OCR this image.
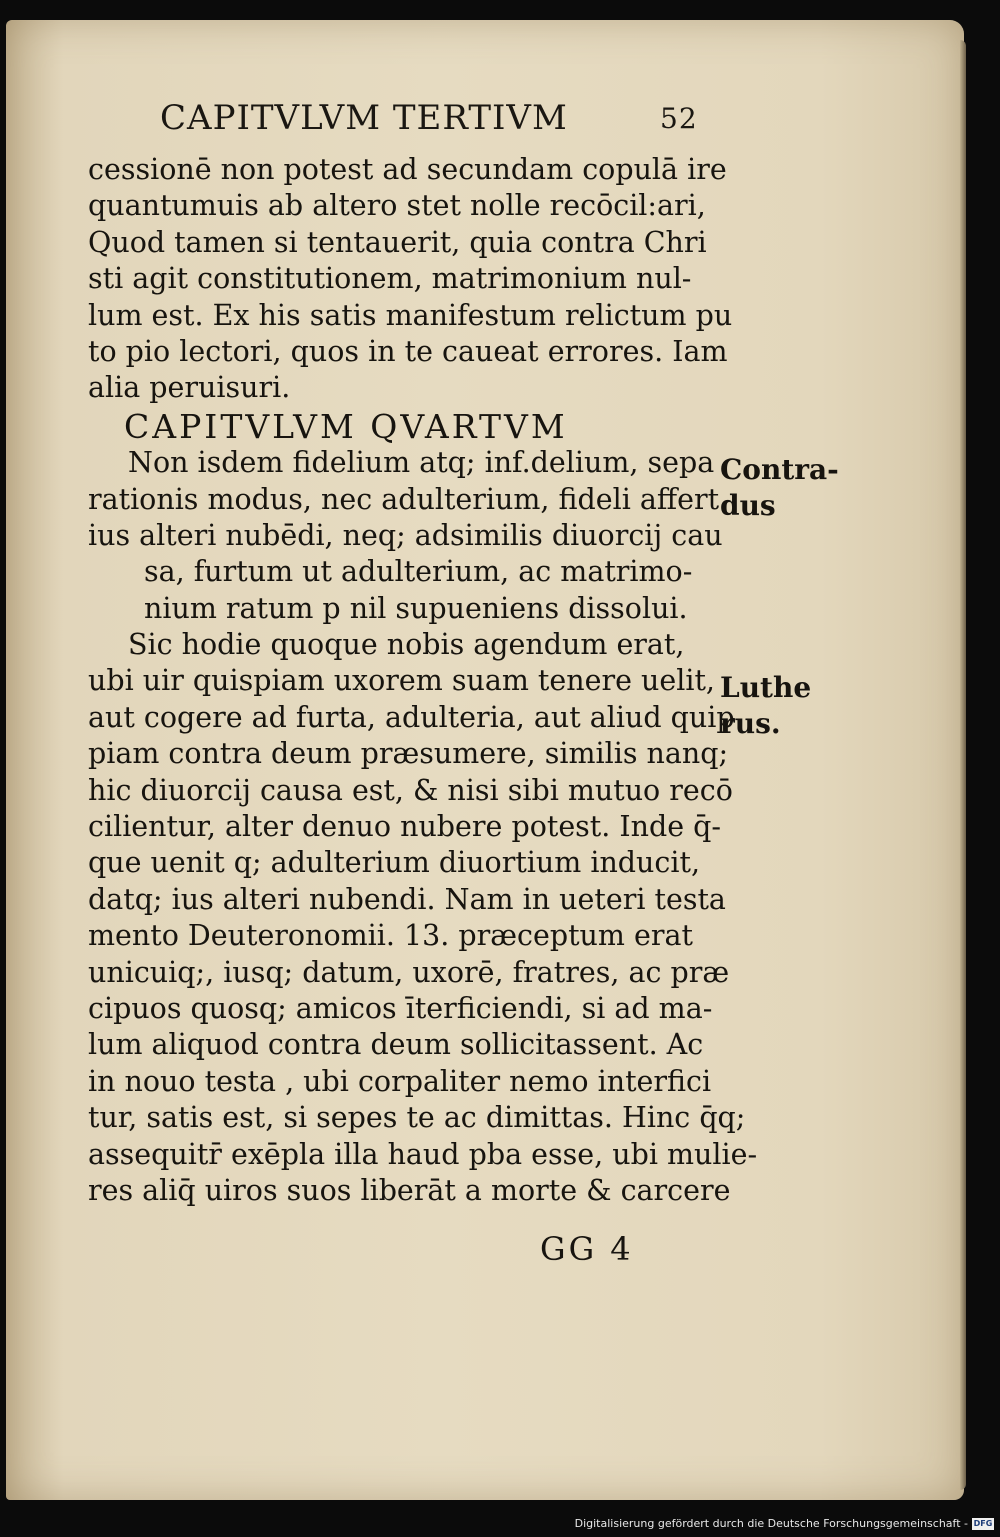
CAPITVLVM TERTIVM	52
cessionē non potest ad secundam copulā ire
quantumuis ab altero stet nolle recōcil:ari,
Quod tamen si tentauerit, quia contra Chri
sti agit constitutionem, matrimonium nul-
lum est. Ex his satis manifestum relictum pu
to pio lectori, quos in te caueat errores. Iam
alia peruisuri.
CAPITVLVM QVARTVM
Non isdem fidelium atq; inf.delium, sepa
rationis modus, nec adulterium, fideli affert
ius alteri nubēdi, neq; adsimilis diuorcij cau
sa, furtum ut adulterium, ac matrimo-
nium ratum p nil supueniens dissolui.
Sic hodie quoque nobis agendum erat,
ubi uir quispiam uxorem suam tenere uelit,
aut cogere ad furta, adulteria, aut aliud quip
piam contra deum præsumere, similis nanq;
hic diuorcij causa est, & nisi sibi mutuo recō
cilientur, alter denuo nubere potest. Inde q̄-
que uenit q; adulterium diuortium inducit,
datq; ius alteri nubendi. Nam in ueteri testa
mento Deuteronomii. 13. præceptum erat
unicuiq;, iusq; datum, uxorē, fratres, ac præ
cipuos quosq; amicos īterficiendi, si ad ma-
lum aliquod contra deum sollicitassent. Ac
in nouo testa , ubi corpaliter nemo interfici
tur, satis est, si sepes te ac dimittas. Hinc q̄q;
assequitr̄ exēpla illa haud pba esse, ubi mulie-
res aliq̄ uiros suos liberāt a morte & carcere
Contra-
dus
Luthe
rus.
GG 4
Digitalisierung gefördert durch die Deutsche Forschungsgemeinschaft - DFG
